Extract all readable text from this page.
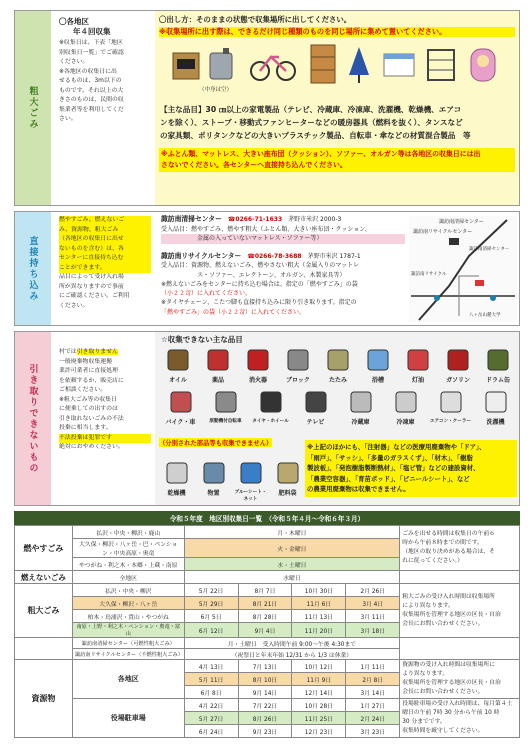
粗大ごみ
〇各地区
年４回収集
※収集日は、下表「地区
別収集日一覧」でご確認
ください。
※各地区の収集日に出
せるものは、3m以下の
ものです。それ以上の大
きさのものは、民間の収
集業者等を利用してくだ
さい。
〇出し方：そのままの状態で収集場所に出してください。
※収集場所に出す際は、できるだけ同じ種類のものを同じ場所に集めて置いてください。
（中身は空）
【主な品目】30 ㎝以上の家電製品（テレビ、冷蔵庫、冷凍庫、洗濯機、乾燥機、エアコ
ンを除く）、ストーブ・移動式ファンヒーターなどの暖房器具（燃料を抜く）、タンスなど
の家具類、ポリタンクなどの大きいプラスチック製品、自転車・傘などの材質混合製品　等
※ふとん類、マットレス、大きい座布団（クッション）、ソファー、オルガン等は各地区の収集日には出
さないでください。各センターへ直接持ち込んでください。
直接持ち込み
燃やすごみ、燃えないご
み、資源物、粗大ごみ
（各地区の収集日に出せ
ないものを含む）は、各
センターに直接持ち込む
ことができます。
品目によって受け入れ場
所が異なりますので事前
にご確認ください。ご利用
ください。
諏訪南清掃センター　 ☎0266-71-1633　 茅野市米沢 2000-3
受入品目：燃やすごみ、燃やす粗大（ふとん類、大きい座布団・クッション、
金属の入っていないマットレス・ソファー等）
諏訪南リサイクルセンター　 ☎0266-78-3688　 茅野市米沢 1787-1
受入品目：資源物、燃えないごみ、燃やさない粗大（金属入りのマットレ
ス・ソファー、エレクトーン、オルガン、木製家具等）
※燃えないごみをセンターに持ち込む場合は、指定の「燃やすごみ」の袋
（小２２竒）に入れてください。
※タイヤチェーン、こたつ脚も直接持ち込みに限り引き取ります。指定の
「燃やすごみ」の袋（小２２竒）に入れてください。
諏訪南清掃センター
諏訪南リサイクルセンター
諏訪南清掃センター
諏訪南リサイクル
八ヶ岳山麓大学
引き取りできないもの
村では引き取りません
一般廃棄物収集運搬
業許可業者に直接処理
を依頼するか、販売店に
ご相談ください。
※粗大ごみ等の収集日
に便乗しての出すのは
引き取れないごみの不法
投棄に相当します。
不法投棄は犯罪です
絶対におやめください。
☆収集できない主な品目
オイル	薬品	消火器	ブロック	たたみ	浴槽	灯油	ガソリン	ドラム缶
バイク・車	原動機付自転車	タイヤ・ホイール	テレビ	冷蔵庫	冷凍庫	エアコン・クーラー	洗濯機
（分別された部品等も収集できません）
乾燥機	物置	ブルーシート・ネット
肥料袋
※上記のほかにも、「注射器」などの医療用廃棄物や「ドア」、
「雨戸」、「サッシ」、「多量のガラスくず」、「材木」、「樹脂
製波板」、「発泡樹脂製断熱材」、「塩ビ管」などの建設資材、
「農業空容器」、「育苗ポッド」、「ビニールシート」、など
の農業用廃棄物は収集できません。
令和５年度　地区別収集日一覧　（令和５年４月～令和６年３月）
燃やすごみ	払沢・中央・柳沢・鹿山	月・木曜日				ごみを出せる時間は収集日の午前６
時から午前８時までの間です。
（地区の取り決めがある場合は、そ
れに従ってください。）

	大久保・柳沢・八ヶ岳・巴・ペンション・中央高原・奥竜	火・金曜日				
	やつがね・利之木・本郷・上蔵・南原	水・土曜日				
燃えないごみ	全地区	水曜日				
粗大ごみ	払沢・中央・柳沢	5月 22日	8月 7日	10月 30日	2月 26日	粗大ごみの受け入れ時間は収集場所
により異なります。
収集場所を管理する地区の区長・自治
会長にお問い合わせください。

	大久保・柳沢・八ヶ岳	5月 29日	8月 21日	11月 6日	3月 4日	
	柏木・鳥浦沢・貴山・やつがね	6月 5日	8月 28日	11月 13日	3月 11日	
	南原・上野・利之木・ペンション・奥竜・富山	6月 12日	9月 4日	11月 20日	3月 18日	
	諏訪南清掃センター（可燃性粗大ごみ）	月・土曜日　受入時間午前 9:00～午後 4:30まで				
	諏訪南リサイクルセンター（不燃性粗大ごみ）	（祝祭日と年末年始 12/31 から 1/3 は休業）				
資源物	各地区	4月 13日	7月 13日	10月 12日	1月 11日	資源物の受け入れ時間は収集場所に
より異なります。
収集場所を管理する地区の区長・自治
会長にお問い合わせください。

		5月 11日	8月 10日	11月 9日	2月 8日	
		6月 8日	9月 14日	12月 14日	3月 14日	
	役場駐車場	4月 22日	7月 22日	10月 28日	1月 27日	役場駐車場の受け入れ時間は、毎月第４土
曜日の午前 7時 30 分から午前 10 時
30 分までです。
収集時間を厳守してください。

		5月 27日	8月 26日	11月 25日	2月 24日	
		6月 24日	9月 23日	12月 23日	3月 23日	
